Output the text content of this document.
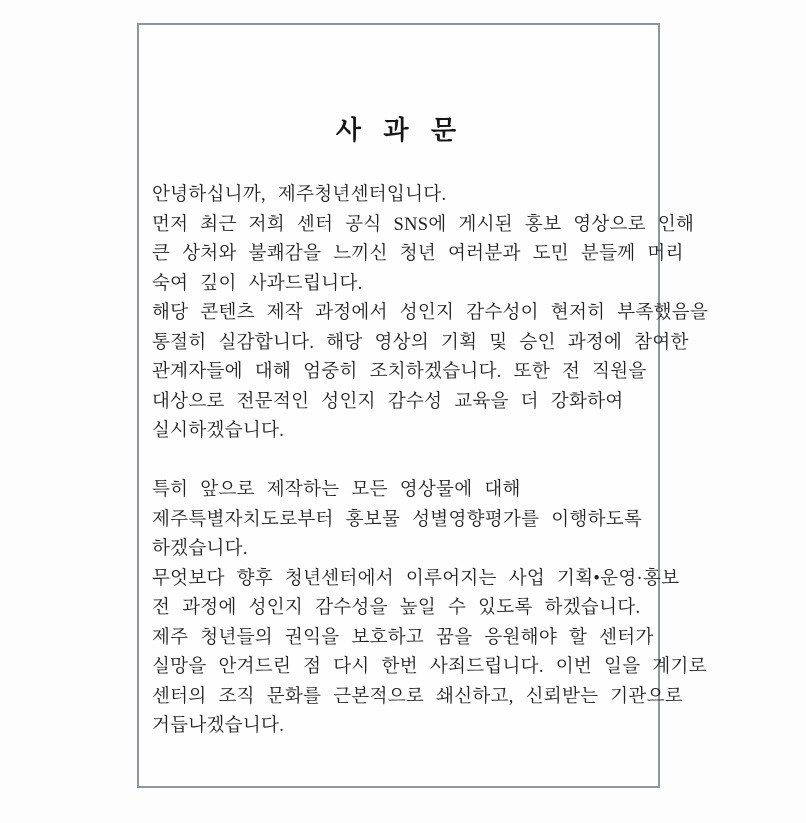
사 과 문
안녕하십니까, 제주청년센터입니다.
먼저 최근 저희 센터 공식 SNS에 게시된 홍보 영상으로 인해
큰 상처와 불쾌감을 느끼신 청년 여러분과 도민 분들께 머리
숙여 깊이 사과드립니다.
해당 콘텐츠 제작 과정에서 성인지 감수성이 현저히 부족했음을
통절히 실감합니다. 해당 영상의 기획 및 승인 과정에 참여한
관계자들에 대해 엄중히 조치하겠습니다. 또한 전 직원을
대상으로 전문적인 성인지 감수성 교육을 더 강화하여
실시하겠습니다.

특히 앞으로 제작하는 모든 영상물에 대해
제주특별자치도로부터 홍보물 성별영향평가를 이행하도록
하겠습니다.
무엇보다 향후 청년센터에서 이루어지는 사업 기획•운영·홍보
전 과정에 성인지 감수성을 높일 수 있도록 하겠습니다.
제주 청년들의 권익을 보호하고 꿈을 응원해야 할 센터가
실망을 안겨드린 점 다시 한번 사죄드립니다. 이번 일을 계기로
센터의 조직 문화를 근본적으로 쇄신하고, 신뢰받는 기관으로
거듭나겠습니다.
